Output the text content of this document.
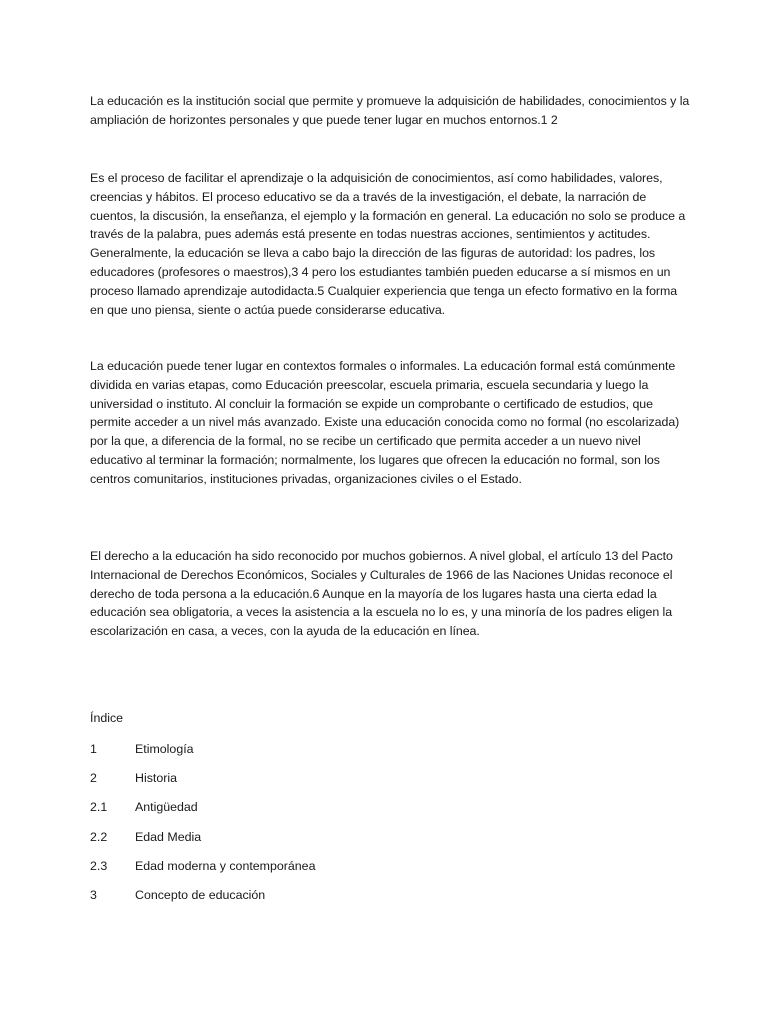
La educación es la institución social que permite y promueve la adquisición de habilidades, conocimientos y la ampliación de horizontes personales y que puede tener lugar en muchos entornos.1 2

Es el proceso de facilitar el aprendizaje o la adquisición de conocimientos, así como habilidades, valores, creencias y hábitos. El proceso educativo se da a través de la investigación, el debate, la narración de cuentos, la discusión, la enseñanza, el ejemplo y la formación en general. La educación no solo se produce a través de la palabra, pues además está presente en todas nuestras acciones, sentimientos y actitudes. Generalmente, la educación se lleva a cabo bajo la dirección de las figuras de autoridad: los padres, los educadores (profesores o maestros),3 4 pero los estudiantes también pueden educarse a sí mismos en un proceso llamado aprendizaje autodidacta.5 Cualquier experiencia que tenga un efecto formativo en la forma en que uno piensa, siente o actúa puede considerarse educativa.

La educación puede tener lugar en contextos formales o informales. La educación formal está comúnmente dividida en varias etapas, como Educación preescolar, escuela primaria, escuela secundaria y luego la universidad o instituto. Al concluir la formación se expide un comprobante o certificado de estudios, que permite acceder a un nivel más avanzado. Existe una educación conocida como no formal (no escolarizada) por la que, a diferencia de la formal, no se recibe un certificado que permita acceder a un nuevo nivel educativo al terminar la formación; normalmente, los lugares que ofrecen la educación no formal, son los centros comunitarios, instituciones privadas, organizaciones civiles o el Estado.

El derecho a la educación ha sido reconocido por muchos gobiernos. A nivel global, el artículo 13 del Pacto Internacional de Derechos Económicos, Sociales y Culturales de 1966 de las Naciones Unidas reconoce el derecho de toda persona a la educación.6 Aunque en la mayoría de los lugares hasta una cierta edad la educación sea obligatoria, a veces la asistencia a la escuela no lo es, y una minoría de los padres eligen la escolarización en casa, a veces, con la ayuda de la educación en línea.

Índice

1	Etimología
2	Historia
2.1	Antigüedad
2.2	Edad Media
2.3	Edad moderna y contemporánea
3	Concepto de educación
